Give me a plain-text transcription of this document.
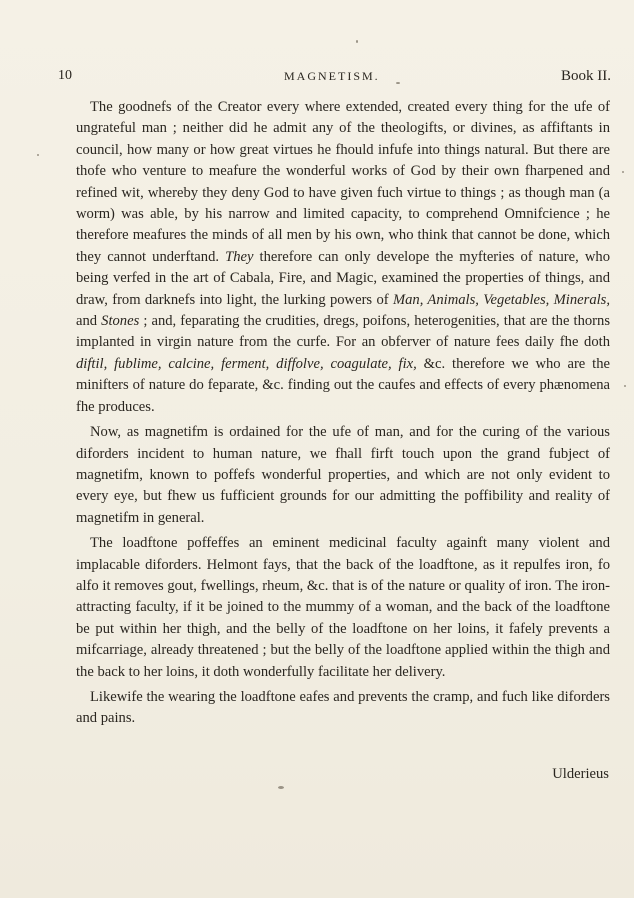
10	MAGNETISM.	Book II.

The goodnefs of the Creator every where extended, created every thing for the ufe of ungrateful man ; neither did he admit any of the theologifts, or divines, as affiftants in council, how many or how great virtues he fhould infufe into things natural. But there are thofe who venture to meafure the wonderful works of God by their own fharpened and refined wit, whereby they deny God to have given fuch virtue to things ; as though man (a worm) was able, by his narrow and limited capacity, to comprehend Omnifcience ; he therefore meafures the minds of all men by his own, who think that cannot be done, which they cannot underftand. They therefore can only develope the myfteries of nature, who being verfed in the art of Cabala, Fire, and Magic, examined the properties of things, and draw, from darknefs into light, the lurking powers of Man, Animals, Vegetables, Minerals, and Stones ; and, feparating the crudities, dregs, poifons, heterogenities, that are the thorns implanted in virgin nature from the curfe. For an obferver of nature fees daily fhe doth diftil, fublime, calcine, ferment, diffolve, coagulate, fix, &c. therefore we who are the minifters of nature do feparate, &c. finding out the caufes and effects of every phænomena fhe produces.

Now, as magnetifm is ordained for the ufe of man, and for the curing of the various diforders incident to human nature, we fhall firft touch upon the grand fubject of magnetifm, known to poffefs wonderful properties, and which are not only evident to every eye, but fhew us fufficient grounds for our admitting the poffibility and reality of magnetifm in general.

The loadftone poffeffes an eminent medicinal faculty againft many violent and implacable diforders. Helmont fays, that the back of the loadftone, as it repulfes iron, fo alfo it removes gout, fwellings, rheum, &c. that is of the nature or quality of iron. The iron-attracting faculty, if it be joined to the mummy of a woman, and the back of the loadftone be put within her thigh, and the belly of the loadftone on her loins, it fafely prevents a mifcarriage, already threatened ; but the belly of the loadftone applied within the thigh and the back to her loins, it doth wonderfully facilitate her delivery.

Likewife the wearing the loadftone eafes and prevents the cramp, and fuch like diforders and pains.

Ulderieus
